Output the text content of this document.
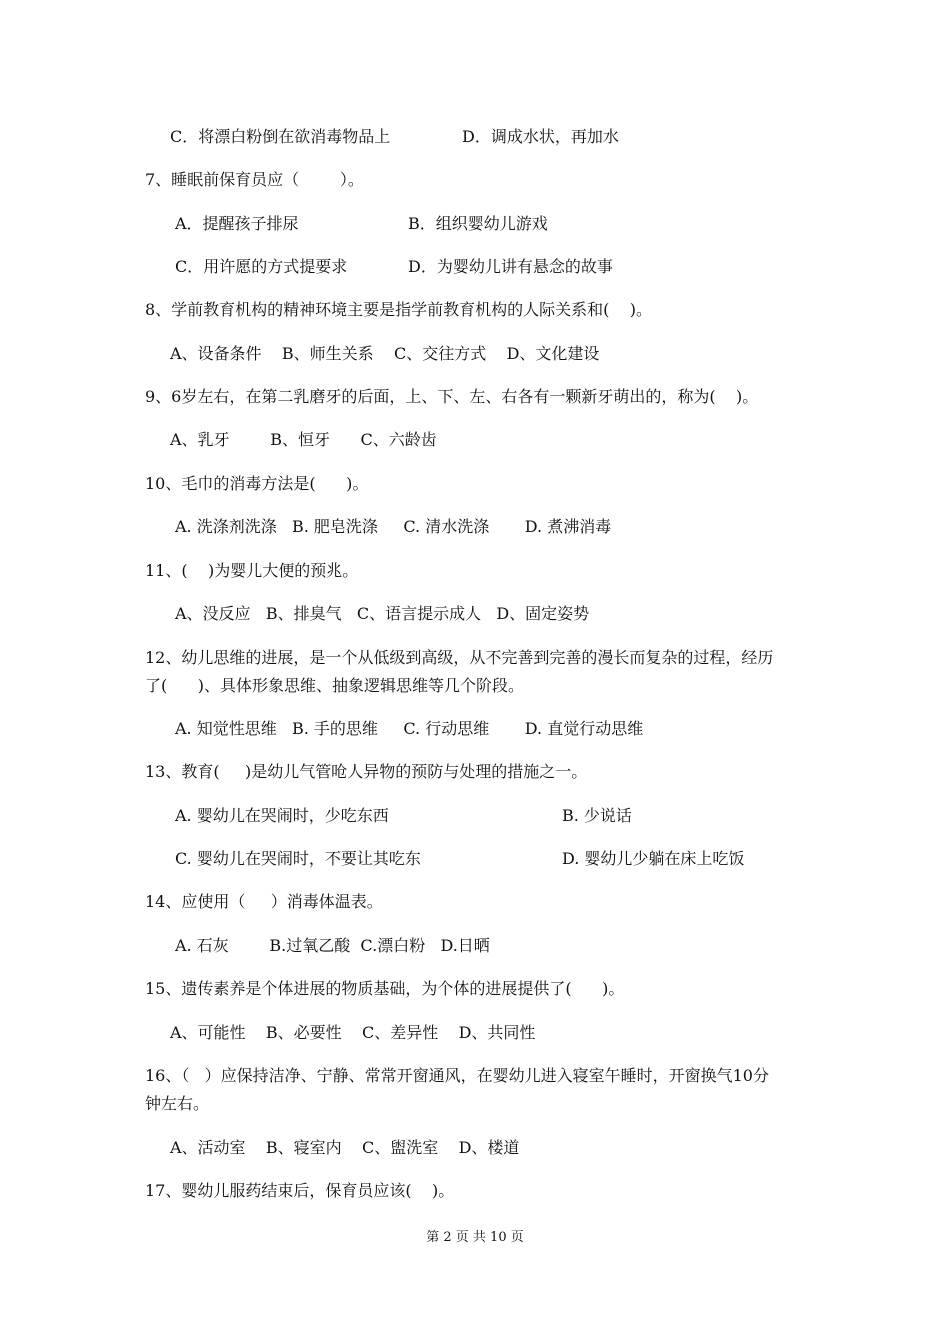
C．将漂白粉倒在欲消毒物品上	D．调成水状，再加水

7、睡眠前保育员应（        ）。

A．提醒孩子排尿	B．组织婴幼儿游戏

C．用许愿的方式提要求	D．为婴幼儿讲有悬念的故事

8、学前教育机构的精神环境主要是指学前教育机构的人际关系和(    )。

A、设备条件    B、师生关系    C、交往方式    D、文化建设

9、6岁左右，在第二乳磨牙的后面，上、下、左、右各有一颗新牙萌出的，称为(    )。

A、乳牙        B、恒牙      C、六龄齿

10、毛巾的消毒方法是(      )。

A. 洗涤剂洗涤   B. 肥皂洗涤     C. 清水洗涤       D. 煮沸消毒

11、(    )为婴儿大便的预兆。

A、没反应   B、排臭气   C、语言提示成人   D、固定姿势

12、幼儿思维的进展，是一个从低级到高级，从不完善到完善的漫长而复杂的过程，经历

了(      )、具体形象思维、抽象逻辑思维等几个阶段。

A. 知觉性思维   B. 手的思维     C. 行动思维       D. 直觉行动思维

13、教育(     )是幼儿气管呛人异物的预防与处理的措施之一。

A. 婴幼儿在哭闹时，少吃东西	B. 少说话

C. 婴幼儿在哭闹时，不要让其吃东	D. 婴幼儿少躺在床上吃饭

14、应使用（     ）消毒体温表。

A. 石灰        B.过氧乙酸  C.漂白粉   D.日晒

15、遗传素养是个体进展的物质基础，为个体的进展提供了(      )。

A、可能性    B、必要性    C、差异性    D、共同性

16、（   ）应保持洁净、宁静、常常开窗通风，在婴幼儿进入寝室午睡时，开窗换气10分

钟左右。

A、活动室    B、寝室内    C、盥洗室    D、楼道

17、婴幼儿服药结束后，保育员应该(    )。

第 2 页 共 10 页
